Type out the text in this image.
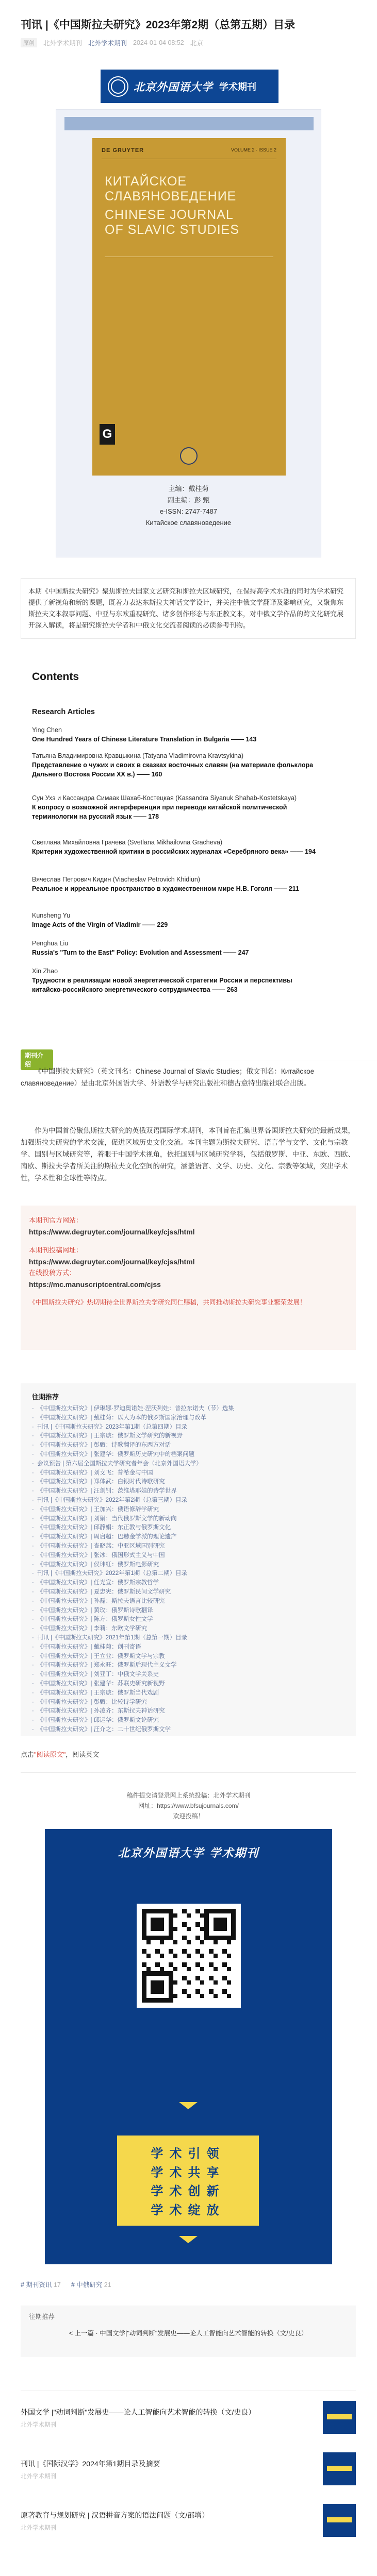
刊讯 |《中国斯拉夫研究》2023年第2期（总第五期）目录
原创	北外学术期刊 北外学术期刊 2024-01-04 08:52 北京
北京外国语大学 学术期刊
DE GRUYTER	VOLUME 2 · ISSUE 2
КИТАЙСКОЕ
СЛАВЯНОВЕДЕНИЕ
CHINESE JOURNAL
OF SLAVIC STUDIES
G
主编：戴桂菊
副主编：彭 甄
e-ISSN: 2747-7487
Китайское славяноведение
本期《中国斯拉夫研究》聚焦斯拉夫国家文艺研究和斯拉夫区域研究，在保持高学术水准的同时为学术研究提供了新视角和新的课题，既着力表达东斯拉夫神话文学设计，并关注中俄文学翻译及影响研究，又聚焦东斯拉夫文本叙事问题、中亚与东欧重视研究、诸多创作形态与东正教文本，对中俄文学作品的跨文化研究展开深入解读，将是研究斯拉夫学者和中俄文化交流者阅读的必读参考刊物。
Contents
Research Articles
Ying Chen
One Hundred Years of Chinese Literature Translation in Bulgaria —— 143
Татьяна Владимировна Кравцыкина (Tatyana Vladimirovna Kravtsykina)
Представление о чужих и своих в сказках восточных славян (на материале фольклора Дальнего Востока России XX в.) —— 160
Сун Ухэ и Кассандра Симаак Шахаб-Костецкая (Kassandra Siyanuk Shahab-Kostetskaya)
К вопросу о возможной интерференции при переводе китайской политической терминологии на русский язык —— 178
Светлана Михайловна Грачева (Svetlana Mikhailovna Gracheva)
Критерии художественной критики в российских журналах «Серебряного века» —— 194
Вячеслав Петрович Кидин (Viacheslav Petrovich Khidiun)
Реальное и ирреальное пространство в художественном мире Н.В. Гоголя —— 211
Kunsheng Yu
Image Acts of the Virgin of Vladimir —— 229
Penghua Liu
Russia's "Turn to the East" Policy: Evolution and Assessment —— 247
Xin Zhao
Трудности в реализации новой энергетической стратегии России и перспективы китайско-российского энергетического сотрудничества —— 263
期刊介绍
《中国斯拉夫研究》（英文刊名：Chinese Journal of Slavic Studies；俄文刊名：Китайское славяноведение）是由北京外国语大学、外语教学与研究出版社和德古意特出版社联合出版。
作为中国首份聚焦斯拉夫研究的英俄双语国际学术期刊，本刊旨在汇集世界各国斯拉夫研究的最新成果，加强斯拉夫研究的学术交流，促进区域历史文化交流。本刊主题为斯拉夫研究、语言学与文学、文化与宗教学、国别与区域研究等，着眼于中国学术视角，依托国别与区域研究学科，包括俄罗斯、中亚、东欧、西欧、南欧、斯拉夫学者所关注的斯拉夫文化空间的研究，涵盖语言、文学、历史、文化、宗教等领域，突出学术性，学术性和全球性等特点。
本期刊官方网站：
https://www.degruyter.com/journal/key/cjss/html
本期刊投稿网址：
https://www.degruyter.com/journal/key/cjss/html
在线投稿方式：
https://mc.manuscriptcentral.com/cjss
《中国斯拉夫研究》热切期待全世界斯拉夫学研究同仁赐稿，共同推动斯拉夫研究事业繁荣发展！
往期推荐
· 《中国斯拉夫研究》| 伊琳娜·罗迪奥诺娃·涅沃列娃：普拉东诺夫（节）选集
· 《中国斯拉夫研究》| 戴桂菊：以人为本的俄罗斯国家治理与改革
· 刊讯 |《中国斯拉夫研究》2023年第1期（总第四期）目录
· 《中国斯拉夫研究》| 王宗琥：俄罗斯文学研究的新视野
· 《中国斯拉夫研究》| 彭甄：诗歌翻译的东西方对话
· 《中国斯拉夫研究》| 张建华：俄罗斯历史研究中的档案问题
· 会议预告 | 第六届全国斯拉夫学研究者年会（北京外国语大学）
· 《中国斯拉夫研究》| 刘文飞：普希金与中国
· 《中国斯拉夫研究》| 郑体武：白银时代诗歌研究
· 《中国斯拉夫研究》| 汪剑钊：茨维塔耶娃的诗学世界
· 刊讯 |《中国斯拉夫研究》2022年第2期（总第三期）目录
· 《中国斯拉夫研究》| 王加兴：俄语修辞学研究
· 《中国斯拉夫研究》| 刘娟：当代俄罗斯文学的新动向
· 《中国斯拉夫研究》| 邱静娟：东正教与俄罗斯文化
· 《中国斯拉夫研究》| 周启超：巴赫金学派的理论遗产
· 《中国斯拉夫研究》| 查晓燕：中亚区域国别研究
· 《中国斯拉夫研究》| 张冰：俄国形式主义与中国
· 《中国斯拉夫研究》| 侯玮红：俄罗斯电影研究
· 刊讯 |《中国斯拉夫研究》2022年第1期（总第二期）目录
· 《中国斯拉夫研究》| 任光宣：俄罗斯宗教哲学
· 《中国斯拉夫研究》| 夏忠宪：俄罗斯民间文学研究
· 《中国斯拉夫研究》| 孙磊：斯拉夫语言比较研究
· 《中国斯拉夫研究》| 黄玫：俄罗斯诗歌翻译
· 《中国斯拉夫研究》| 陈方：俄罗斯女性文学
· 《中国斯拉夫研究》| 李莉：东欧文学研究
· 刊讯 |《中国斯拉夫研究》2021年第1期（总第一期）目录
· 《中国斯拉夫研究》| 戴桂菊：创刊寄语
· 《中国斯拉夫研究》| 王立业：俄罗斯文学与宗教
· 《中国斯拉夫研究》| 郑永旺：俄罗斯后现代主义文学
· 《中国斯拉夫研究》| 刘亚丁：中俄文学关系史
· 《中国斯拉夫研究》| 张建华：苏联史研究新视野
· 《中国斯拉夫研究》| 王宗琥：俄罗斯当代戏剧
· 《中国斯拉夫研究》| 彭甄：比较诗学研究
· 《中国斯拉夫研究》| 孙凌齐：东斯拉夫神话研究
· 《中国斯拉夫研究》| 邱运华：俄罗斯文论研究
· 《中国斯拉夫研究》| 汪介之：二十世纪俄罗斯文学
点击"阅读原文"，阅读英文
稿件提交请登录网上系统投稿：北外学术期刊
网址：https://www.bfsujournals.com/
欢迎投稿！
北京外国语大学 学术期刊
学术引领
学术共享
学术创新
学术绽放
# 期刊资讯 17 # 中俄研究 21
往期推荐
< 上一篇 · 中国文学|"动词判断"发展史——论人工智能向艺术智能的转换（文/史良）
外国文学 |"动词判断"发展史——论人工智能向艺术智能的转换（文/史良）
北外学术期刊
刊讯 |《国际汉学》2024年第1期目录及摘要
北外学术期刊
原著教育与规划研究 | 汉语拼音方案的语法问题（文/邵增）
北外学术期刊
